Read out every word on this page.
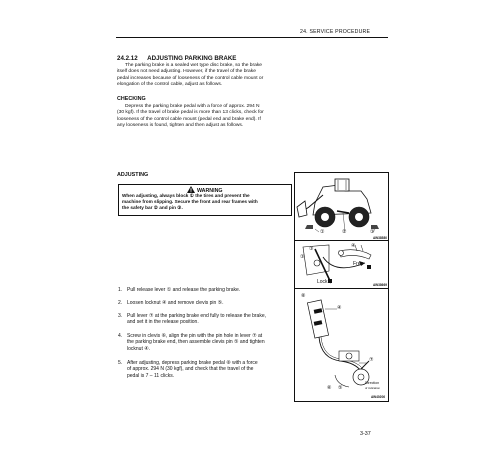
24. SERVICE PROCEDURE
24.2.12 ADJUSTING PARKING BRAKE
The parking brake is a sealed wet type disc brake, so the brake
itself does not need adjusting. However, if the travel of the brake
pedal increases because of looseness of the control cable mount or
elongation of the control cable, adjust as follows.
CHECKING
Depress the parking brake pedal with a force of approx. 294 N
(30 kgf). If the travel of brake pedal is more than 13 clicks, check for
looseness of the control cable mount (pedal end and brake end). If
any looseness is found, tighten and then adjust as follows.
ADJUSTING
WARNING
When adjusting, always block ① the tires and prevent the
machine from slipping. Secure the front and rear frames with
the safety bar ② and pin ③.
①	②	①
AW38580
③
③
④
Free
Lock	AW38669
⑧
④
⑦
⑥ ⑤
Direction
of indication
AW40206
1. Pull release lever ① and release the parking brake.
2. Loosen locknut ④ and remove clevis pin ⑤.
3. Pull lever ⑦ at the parking brake end fully to release the brake,
and set it in the release position.
4. Screw in clevis ⑥, align the pin with the pin hole in lever ⑦ at
the parking brake end, then assemble clevis pin ⑤ and tighten
locknut ④.
5. After adjusting, depress parking brake pedal ⑧ with a force
of approx. 294 N (30 kgf), and check that the travel of the
pedal is 7 – 11 clicks.
3-37
